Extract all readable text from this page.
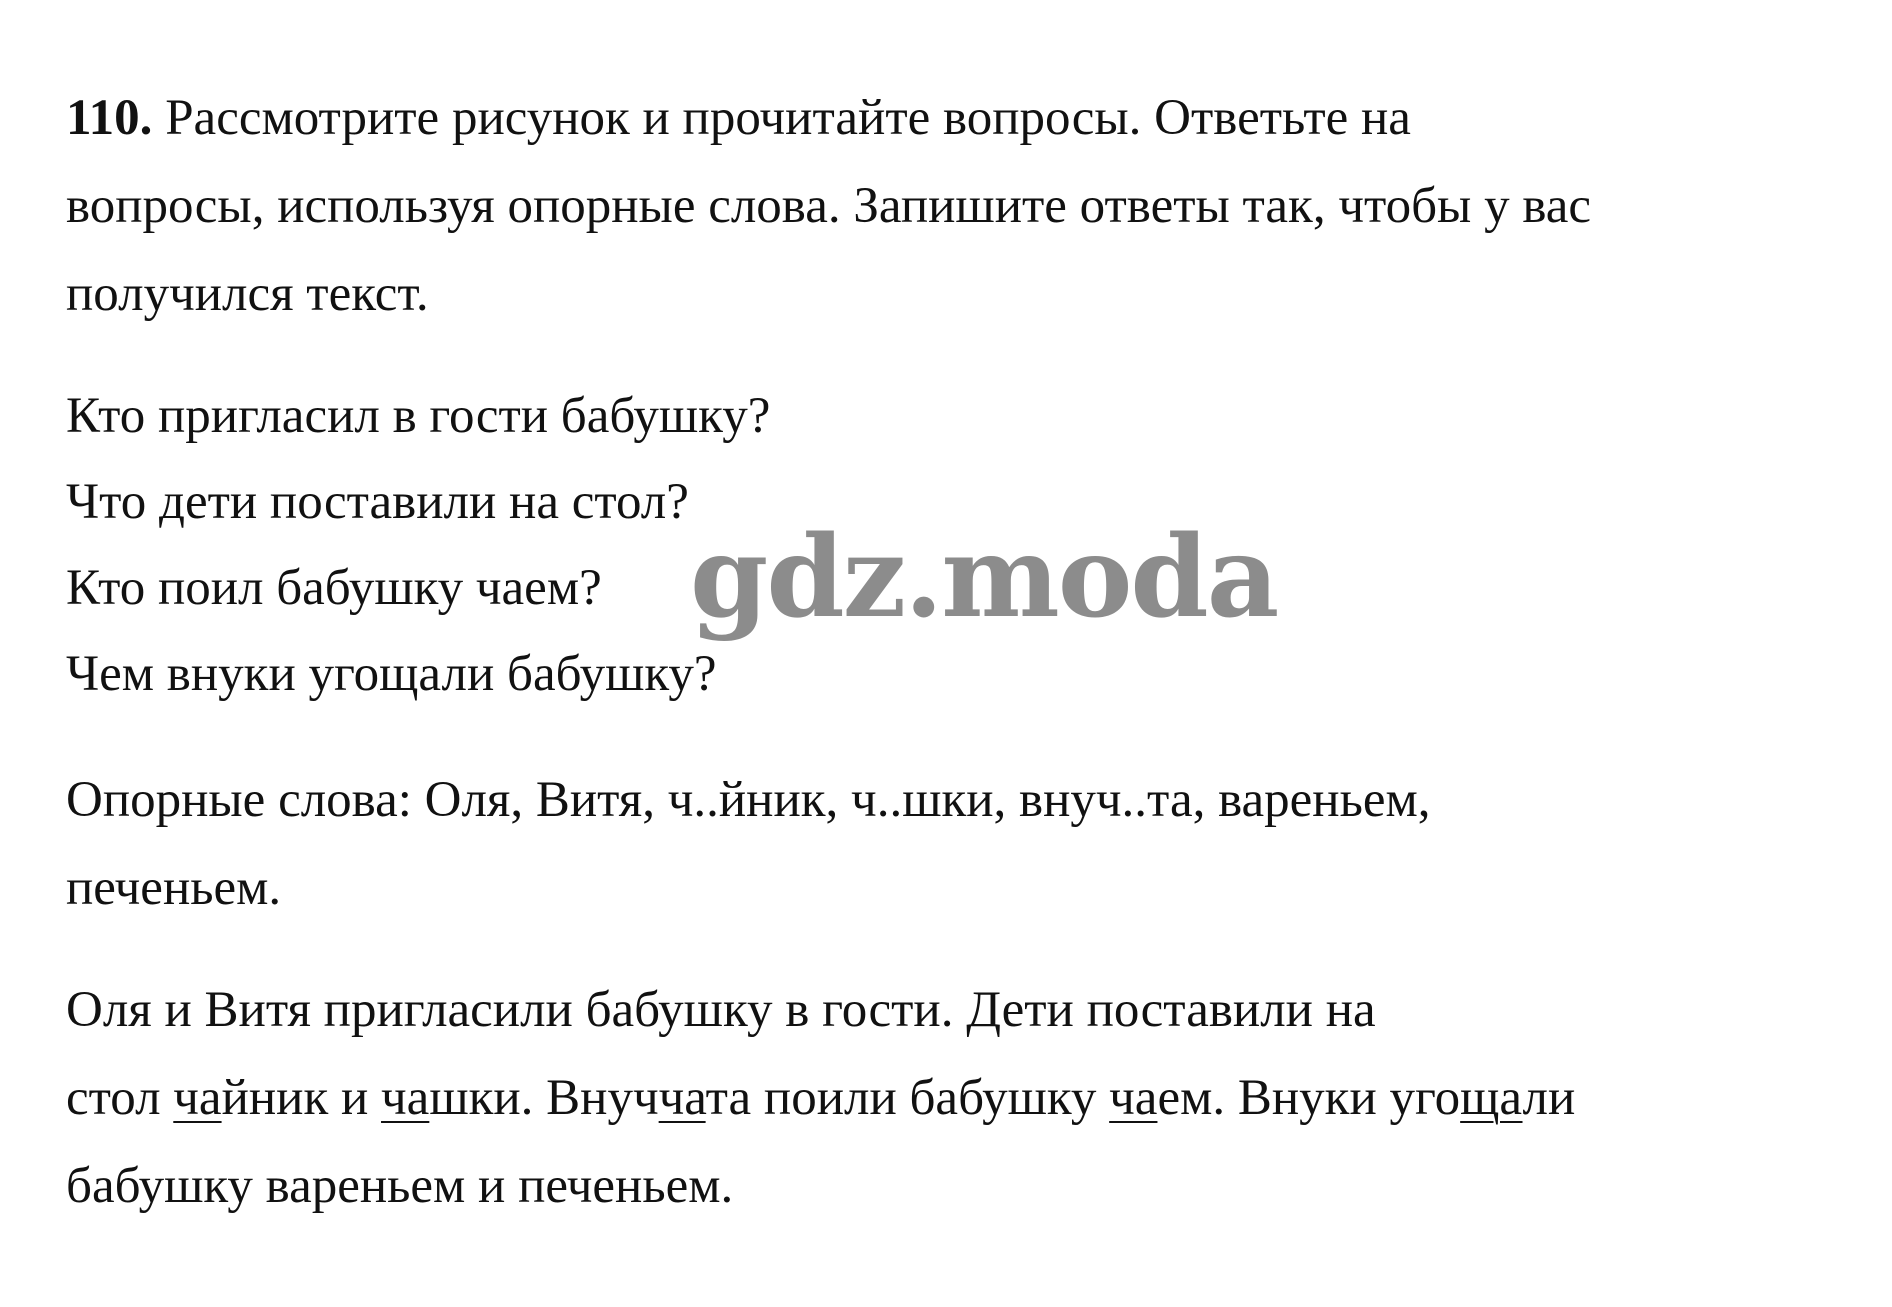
110. Рассмотрите рисунок и прочитайте вопросы. Ответьте на
вопросы, используя опорные слова. Запишите ответы так, чтобы у вас
получился текст.
Кто пригласил в гости бабушку?
Что дети поставили на стол?
Кто поил бабушку чаем?
Чем внуки угощали бабушку?
Опорные слова: Оля, Витя, ч..йник, ч..шки, внуч..та, вареньем,
печеньем.
Оля и Витя пригласили бабушку в гости. Дети поставили на
стол чайник и чашки. Внуччата поили бабушку чаем. Внуки угощали
бабушку вареньем и печеньем.
gdz.moda
